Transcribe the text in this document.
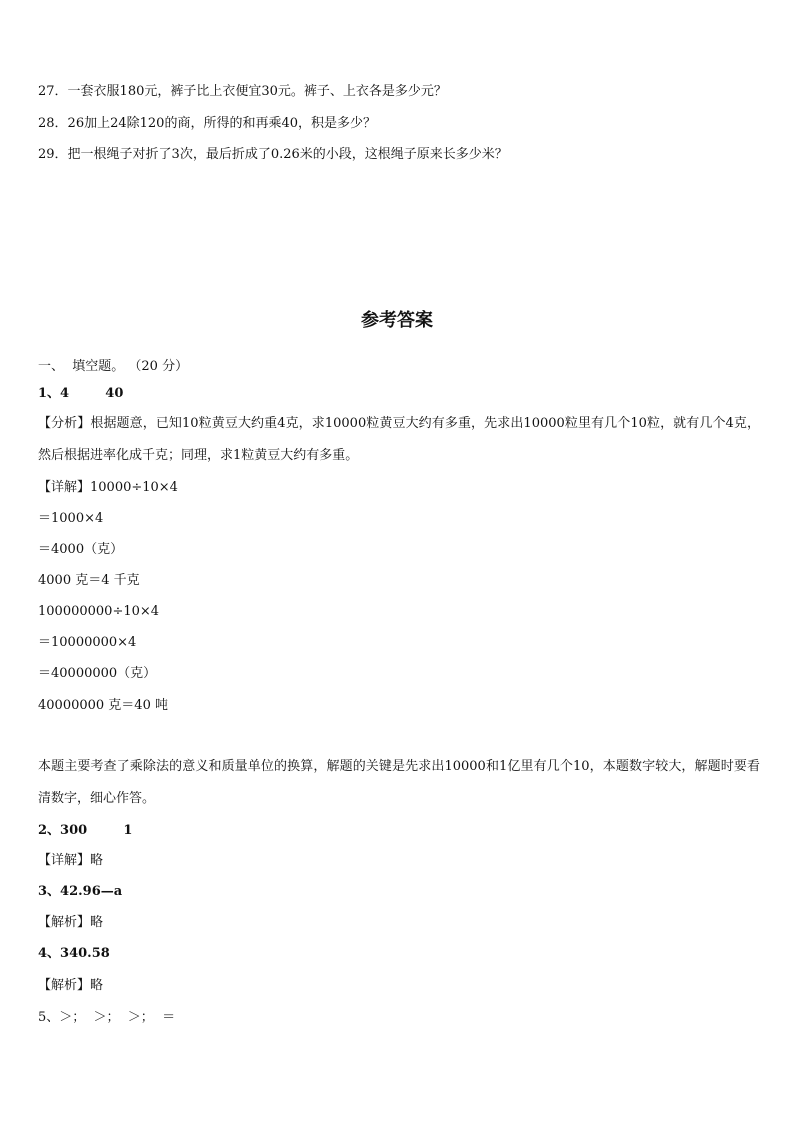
27．一套衣服180元，裤子比上衣便宜30元。裤子、上衣各是多少元？
28．26加上24除120的商，所得的和再乘40，积是多少？
29．把一根绳子对折了3次，最后折成了0.26米的小段，这根绳子原来长多少米？
参考答案
一、  填空题。 （20 分）
1、4        40
【分析】根据题意，已知10粒黄豆大约重4克，求10000粒黄豆大约有多重，先求出10000粒里有几个10粒，就有几个4克，然后根据进率化成千克；同理，求1粒黄豆大约有多重。
【详解】10000÷10×4
＝1000×4
＝4000（克）
4000 克＝4 千克
100000000÷10×4
＝10000000×4
＝40000000（克）
40000000 克＝40 吨
本题主要考查了乘除法的意义和质量单位的换算，解题的关键是先求出10000和1亿里有几个10，本题数字较大，解题时要看清数字，细心作答。
2、300        1
【详解】略
3、42.96—a
【解析】略
4、340.58
【解析】略
5、＞；  ＞；  ＞；  ＝
